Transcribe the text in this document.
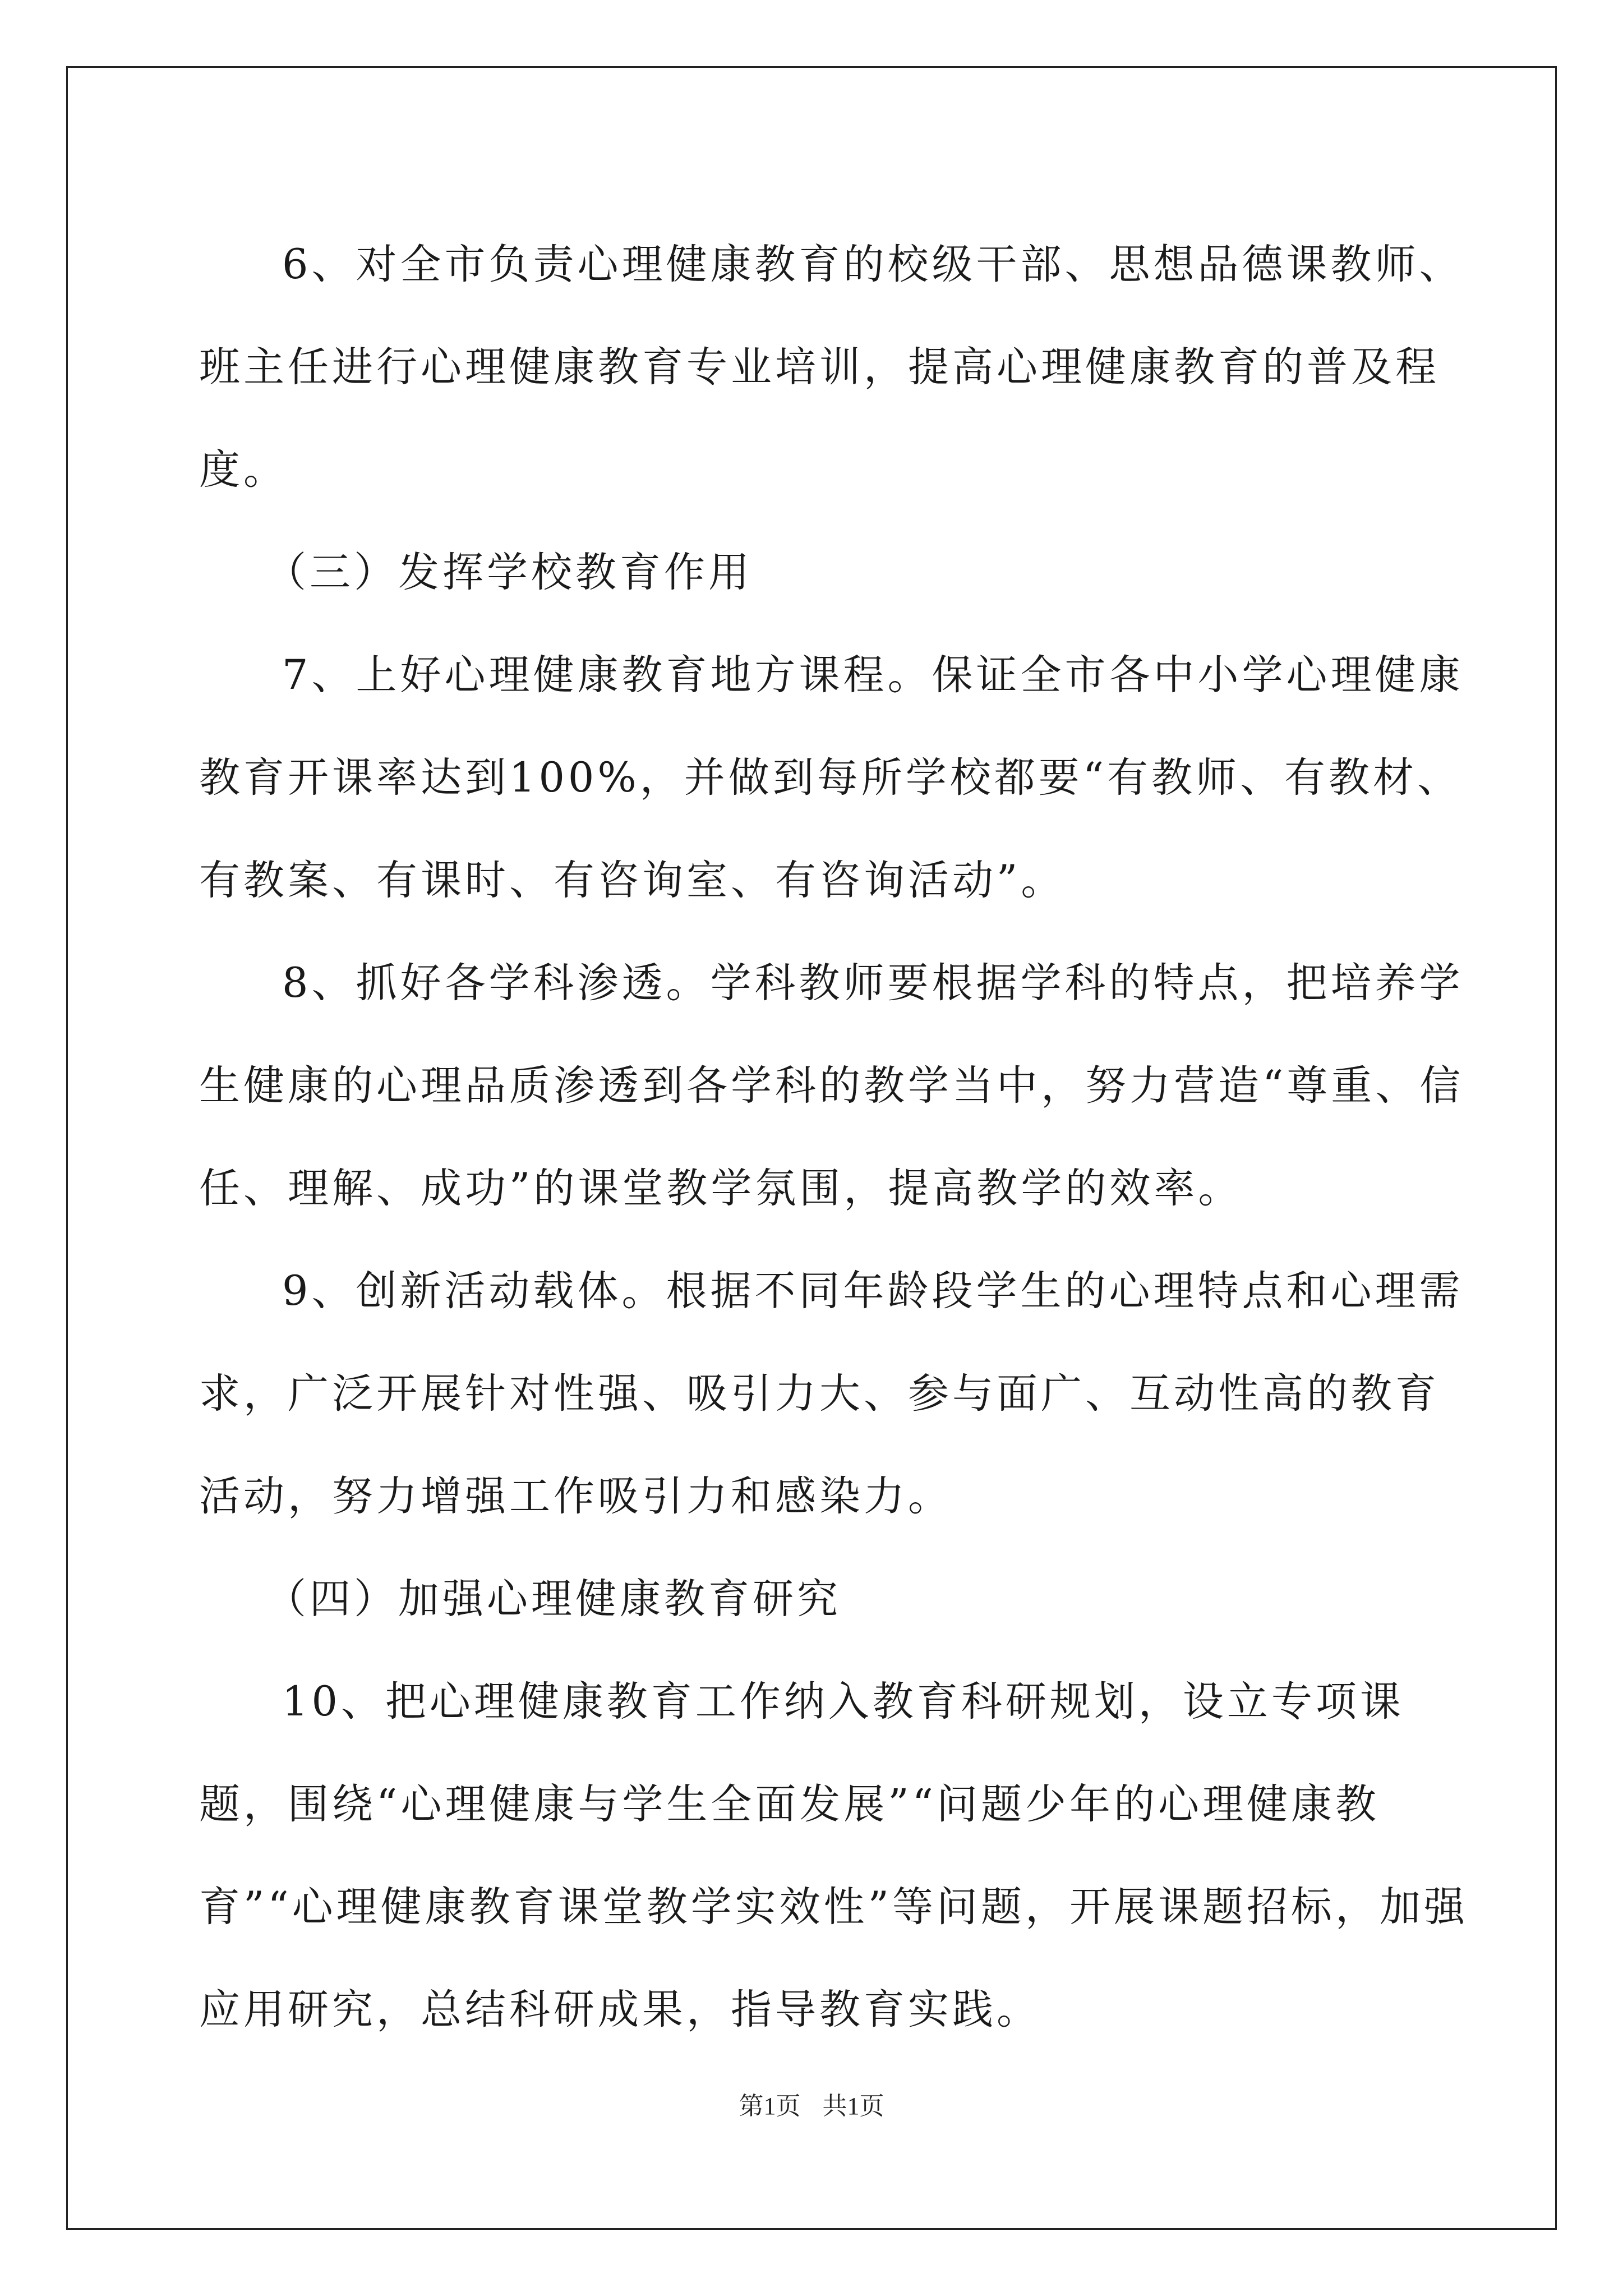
6、对全市负责心理健康教育的校级干部、思想品德课教师、班主任进行心理健康教育专业培训，提高心理健康教育的普及程度。

（三）发挥学校教育作用

7、上好心理健康教育地方课程。保证全市各中小学心理健康教育开课率达到100%，并做到每所学校都要“有教师、有教材、有教案、有课时、有咨询室、有咨询活动”。

8、抓好各学科渗透。学科教师要根据学科的特点，把培养学生健康的心理品质渗透到各学科的教学当中，努力营造“尊重、信任、理解、成功”的课堂教学氛围，提高教学的效率。

9、创新活动载体。根据不同年龄段学生的心理特点和心理需求，广泛开展针对性强、吸引力大、参与面广、互动性高的教育活动，努力增强工作吸引力和感染力。

（四）加强心理健康教育研究

10、把心理健康教育工作纳入教育科研规划，设立专项课题，围绕“心理健康与学生全面发展”“问题少年的心理健康教育”“心理健康教育课堂教学实效性”等问题，开展课题招标，加强应用研究，总结科研成果，指导教育实践。

第1页 共1页
